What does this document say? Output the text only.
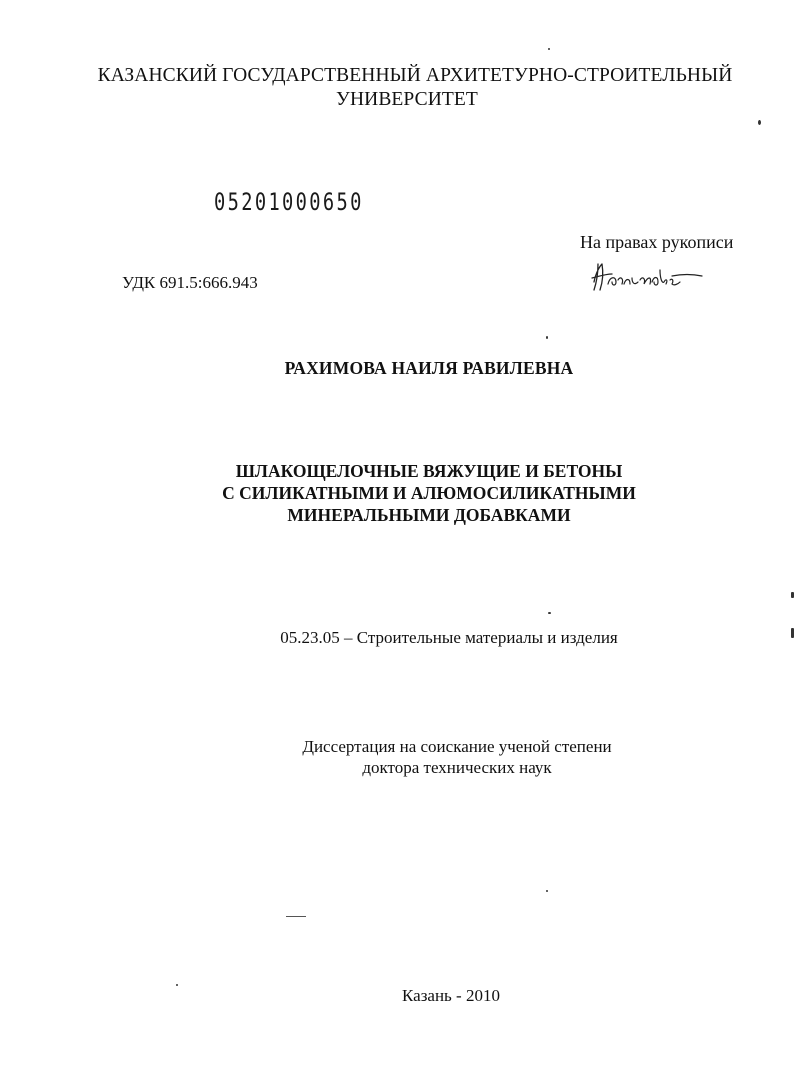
КАЗАНСКИЙ ГОСУДАРСТВЕННЫЙ АРХИТЕТУРНО-СТРОИТЕЛЬНЫЙ
УНИВЕРСИТЕТ
05201000650
На правах рукописи
УДК 691.5:666.943
РАХИМОВА НАИЛЯ РАВИЛЕВНА
ШЛАКОЩЕЛОЧНЫЕ ВЯЖУЩИЕ И БЕТОНЫ
С СИЛИКАТНЫМИ И АЛЮМОСИЛИКАТНЫМИ
МИНЕРАЛЬНЫМИ ДОБАВКАМИ
05.23.05 – Строительные материалы и изделия
Диссертация на соискание ученой степени
доктора технических наук
Казань - 2010
